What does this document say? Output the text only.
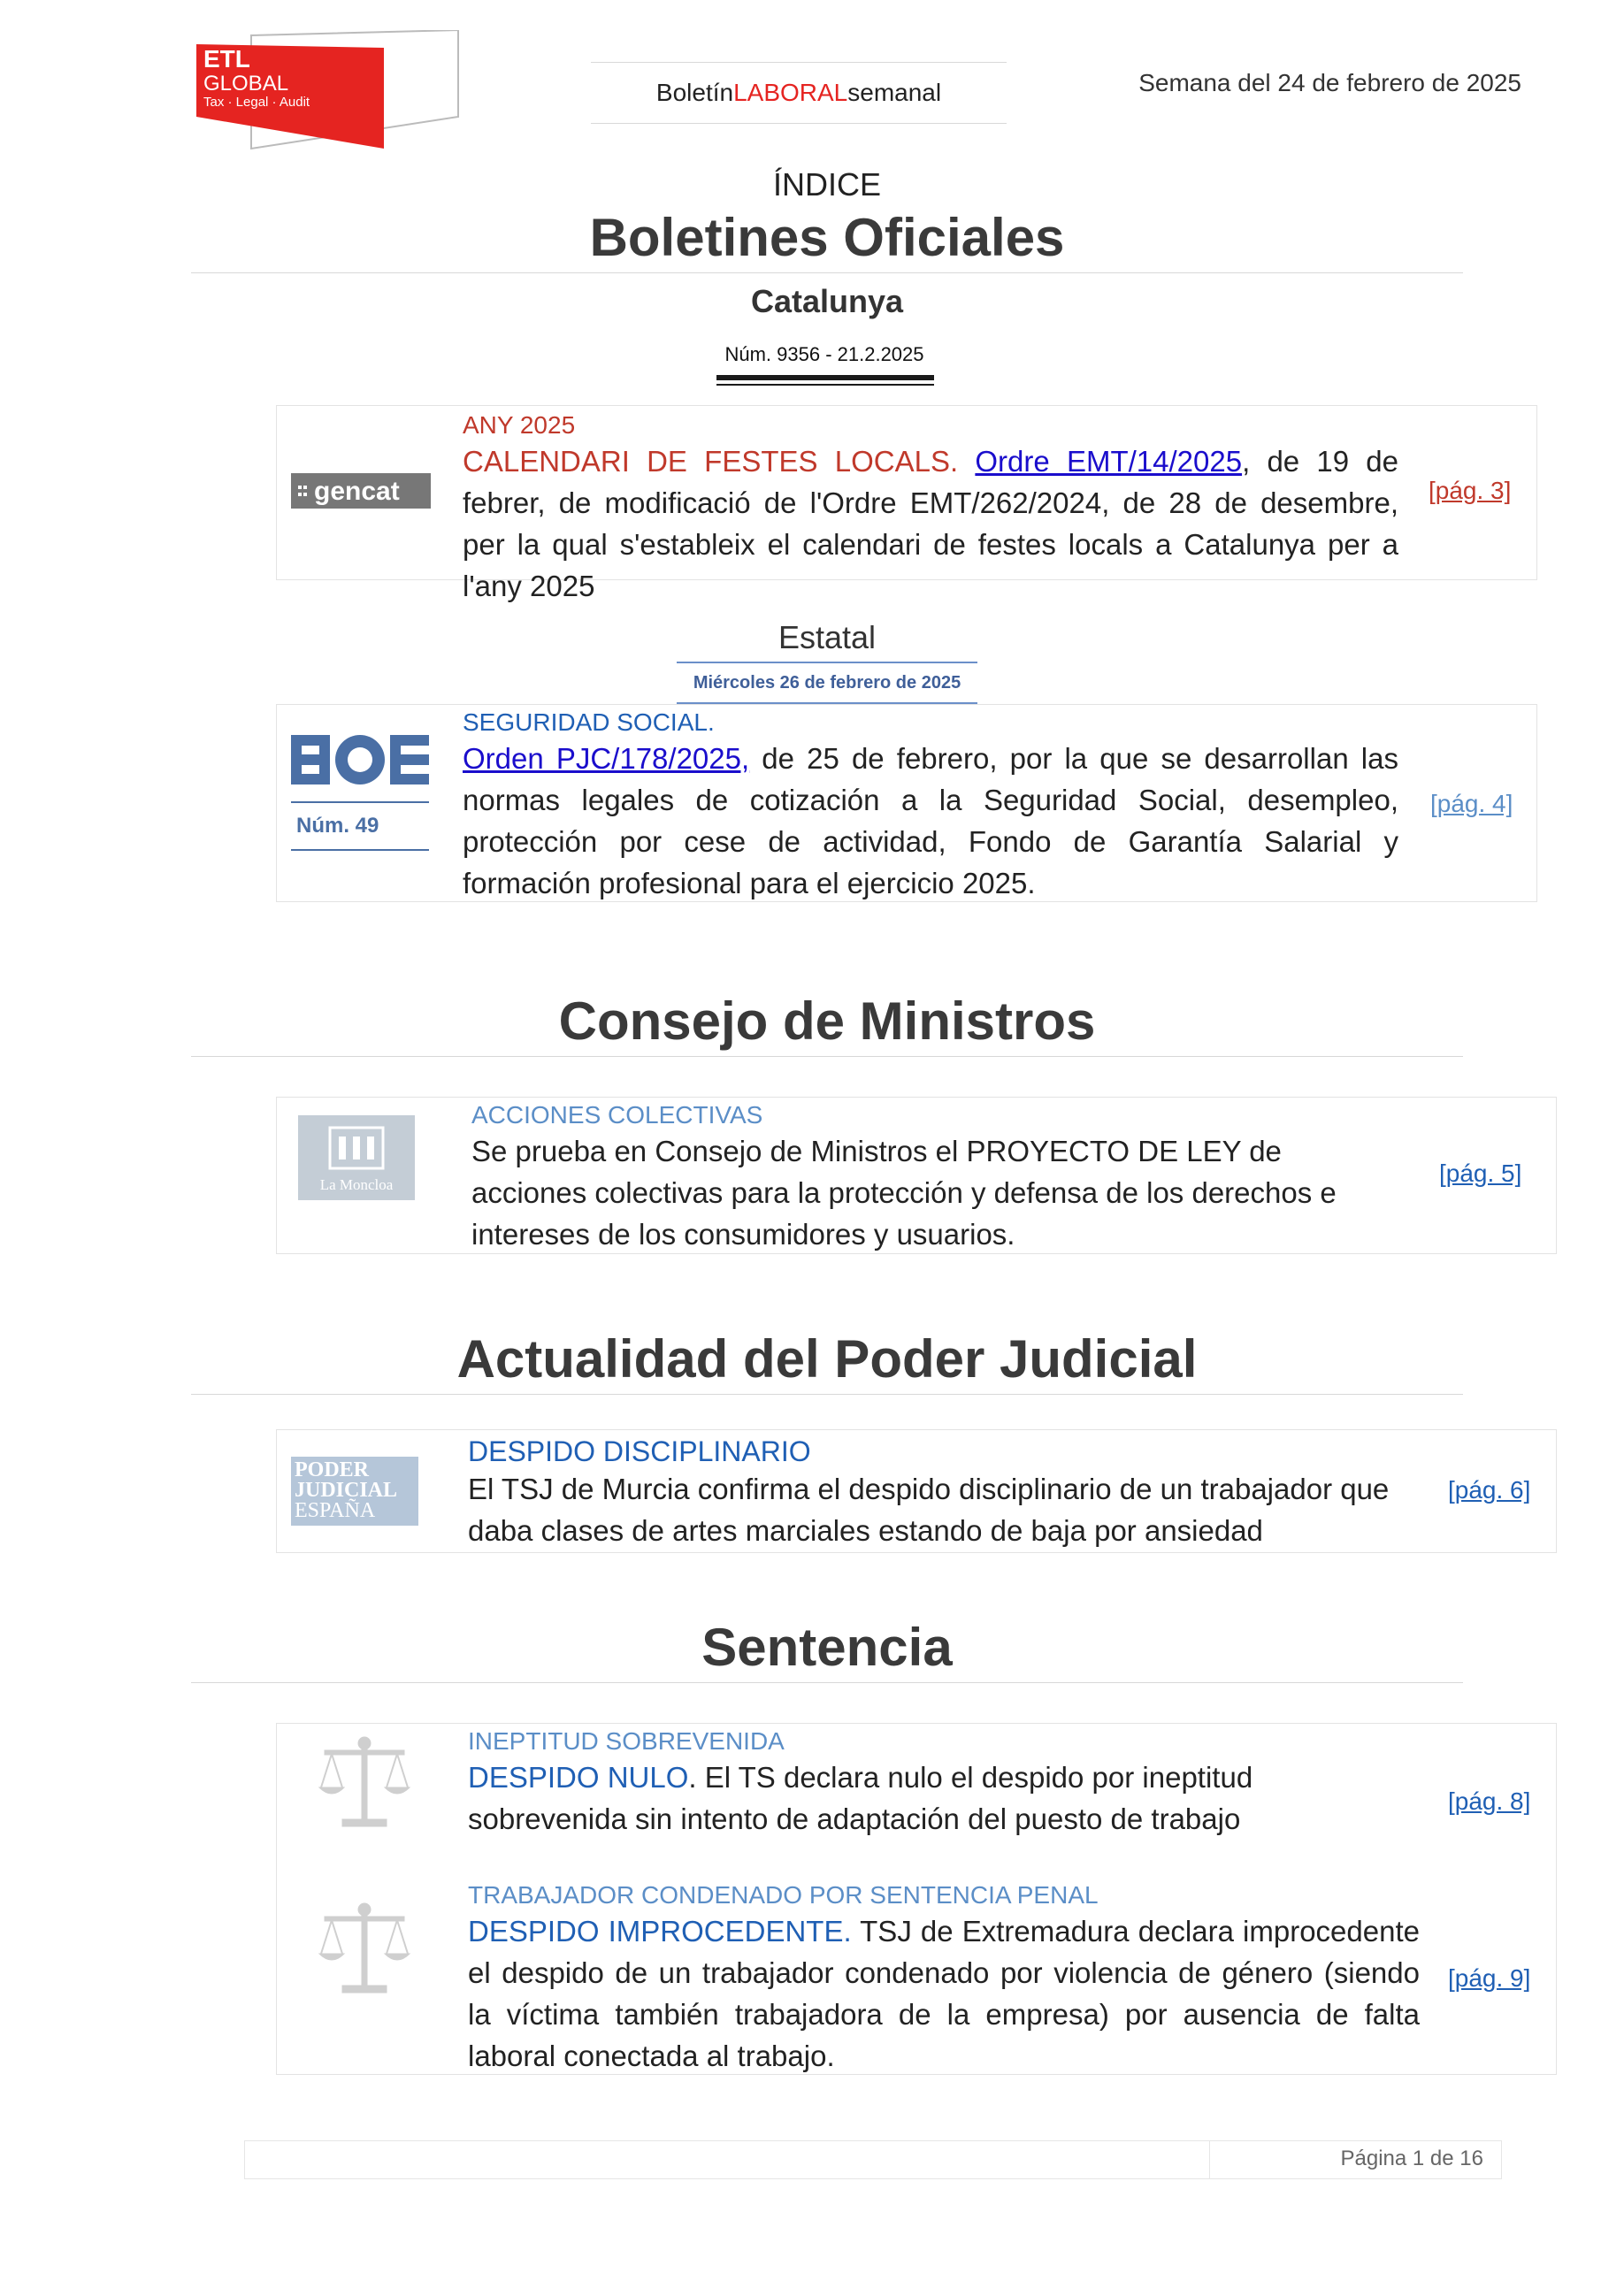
ETL
GLOBAL
Tax · Legal · Audit	Boletín LABORAL semanal	Semana del 24 de febrero de 2025
ÍNDICE
Boletines Oficiales
Catalunya
Núm. 9356 - 21.2.2025
gencat
ANY 2025
CALENDARI DE FESTES LOCALS. Ordre EMT/14/2025, de 19 de febrer, de modificació de l'Ordre EMT/262/2024, de 28 de desembre, per la qual s'estableix el calendari de festes locals a Catalunya per a l'any 2025
[pág. 3]
Estatal
Miércoles 26 de febrero de 2025
Núm. 49
SEGURIDAD SOCIAL.
Orden PJC/178/2025, de 25 de febrero, por la que se desarrollan las normas legales de cotización a la Seguridad Social, desempleo, protección por cese de actividad, Fondo de Garantía Salarial y formación profesional para el ejercicio 2025.
[pág. 4]
Consejo de Ministros
La Moncloa
ACCIONES COLECTIVAS
Se prueba en Consejo de Ministros el PROYECTO DE LEY de acciones colectivas para la protección y defensa de los derechos e intereses de los consumidores y usuarios.
[pág. 5]
Actualidad del Poder Judicial
PODER
JUDICIAL
ESPAÑA
DESPIDO DISCIPLINARIO
El TSJ de Murcia confirma el despido disciplinario de un trabajador que daba clases de artes marciales estando de baja por ansiedad
[pág. 6]
Sentencia
INEPTITUD SOBREVENIDA
DESPIDO NULO. El TS declara nulo el despido por ineptitud sobrevenida sin intento de adaptación del puesto de trabajo
[pág. 8]
TRABAJADOR CONDENADO POR SENTENCIA PENAL
DESPIDO IMPROCEDENTE. TSJ de Extremadura declara improcedente el despido de un trabajador condenado por violencia de género (siendo la víctima también trabajadora de la empresa) por ausencia de falta laboral conectada al trabajo.
[pág. 9]
Página 1 de 16
